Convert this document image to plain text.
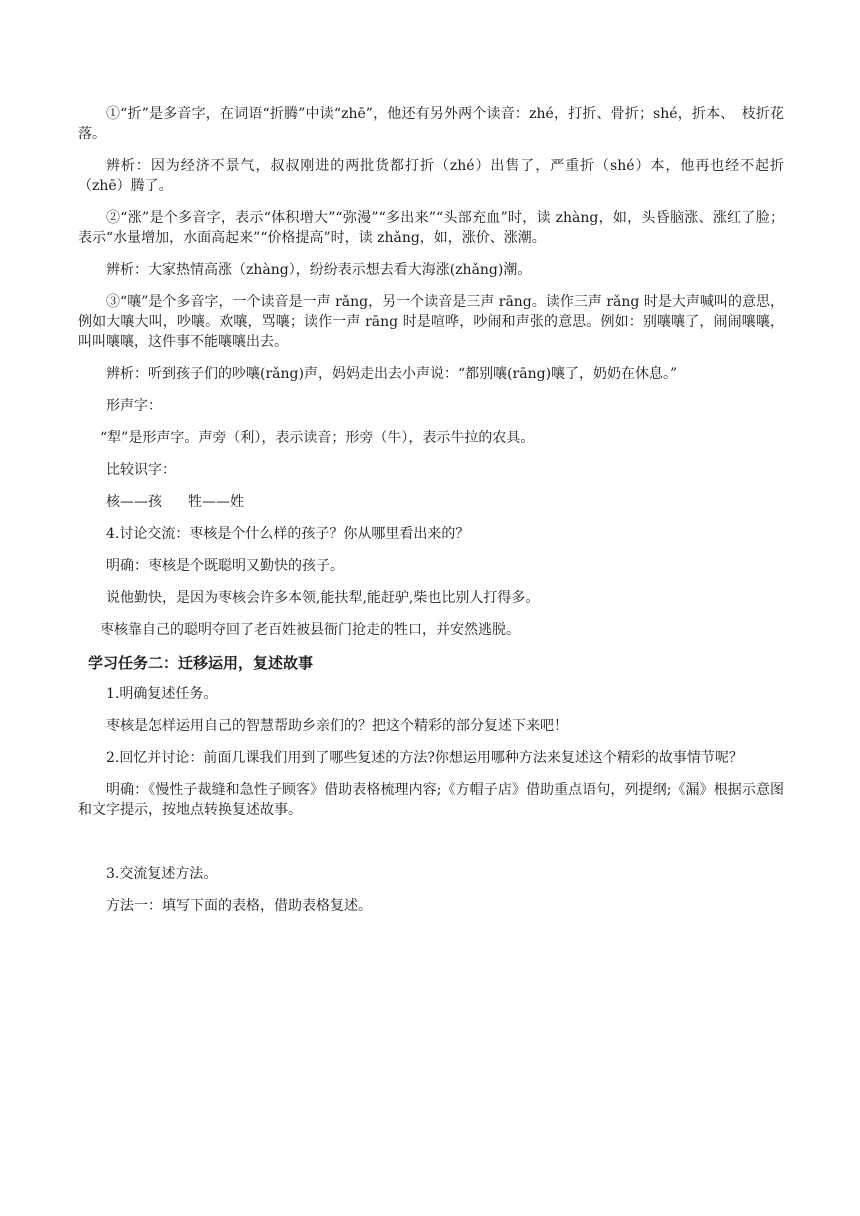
①“折”是多音字，在词语“折腾”中读“zhē”，他还有另外两个读音：zhé，打折、骨折；shé，折本、　枝折花落。

辨析：因为经济不景气，叔叔刚进的两批货都打折（zhé）出售了，严重折（shé）本，他再也经不起折（zhē）腾了。

②“涨”是个多音字，表示“体积增大”“弥漫”“多出来”“头部充血”时，读 zhàng，如，头昏脑涨、涨红了脸；表示“水量增加，水面高起来”“价格提高”时，读 zhǎng，如，涨价、涨潮。

辨析：大家热情高涨（zhàng），纷纷表示想去看大海涨(zhǎng)潮。

③“嚷”是个多音字，一个读音是一声 rǎng，另一个读音是三声 rāng。读作三声 rǎng 时是大声喊叫的意思，例如大嚷大叫，吵嚷。欢嚷，骂嚷；读作一声 rāng 时是喧哗，吵闹和声张的意思。例如：别嚷嚷了，闹闹嚷嚷，叫叫嚷嚷，这件事不能嚷嚷出去。

辨析：听到孩子们的吵嚷(rǎng)声，妈妈走出去小声说：“都别嚷(rāng)嚷了，奶奶在休息。”

形声字：

“犁”是形声字。声旁（利），表示读音；形旁（牛），表示牛拉的农具。

比较识字：

核——孩 牲——姓

4.讨论交流：枣核是个什么样的孩子？你从哪里看出来的？

明确：枣核是个既聪明又勤快的孩子。

说他勤快，是因为枣核会许多本领,能扶犁,能赶驴,柴也比别人打得多。

枣核靠自己的聪明夺回了老百姓被县衙门抢走的牲口，并安然逃脱。

学习任务二：迁移运用，复述故事

1.明确复述任务。

枣核是怎样运用自己的智慧帮助乡亲们的？把这个精彩的部分复述下来吧！

2.回忆并讨论：前面几课我们用到了哪些复述的方法?你想运用哪种方法来复述这个精彩的故事情节呢？

明确：《慢性子裁缝和急性子顾客》借助表格梳理内容;《方帽子店》借助重点语句，列提纲;《漏》根据示意图和文字提示，按地点转换复述故事。

3.交流复述方法。

方法一：填写下面的表格，借助表格复述。
